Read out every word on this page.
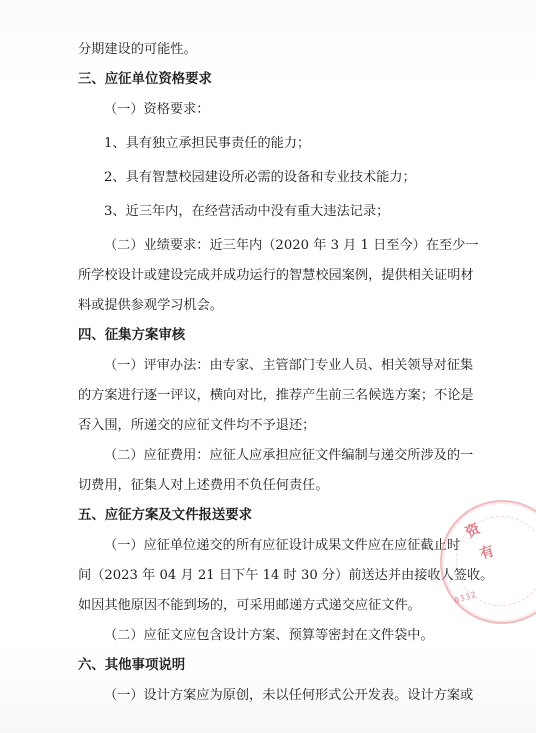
分期建设的可能性。

三、应征单位资格要求

（一）资格要求：

1、具有独立承担民事责任的能力；

2、具有智慧校园建设所必需的设备和专业技术能力；

3、近三年内，在经营活动中没有重大违法记录；

（二）业绩要求：近三年内（2020 年 3 月 1 日至今）在至少一

所学校设计或建设完成并成功运行的智慧校园案例，提供相关证明材

料或提供参观学习机会。

四、征集方案审核

（一）评审办法：由专家、主管部门专业人员、相关领导对征集

的方案进行逐一评议，横向对比，推荐产生前三名候选方案；不论是

否入围，所递交的应征文件均不予退还；

（二）应征费用：应征人应承担应征文件编制与递交所涉及的一

切费用，征集人对上述费用不负任何责任。

五、应征方案及文件报送要求

（一）应征单位递交的所有应征设计成果文件应在应征截止时

间（2023 年 04 月 21 日下午 14 时 30 分）前送达并由接收人签收。

如因其他原因不能到场的，可采用邮递方式递交应征文件。

（二）应征文应包含设计方案、预算等密封在文件袋中。

六、其他事项说明

（一）设计方案应为原创，未以任何形式公开发表。设计方案或

资
有
0332
